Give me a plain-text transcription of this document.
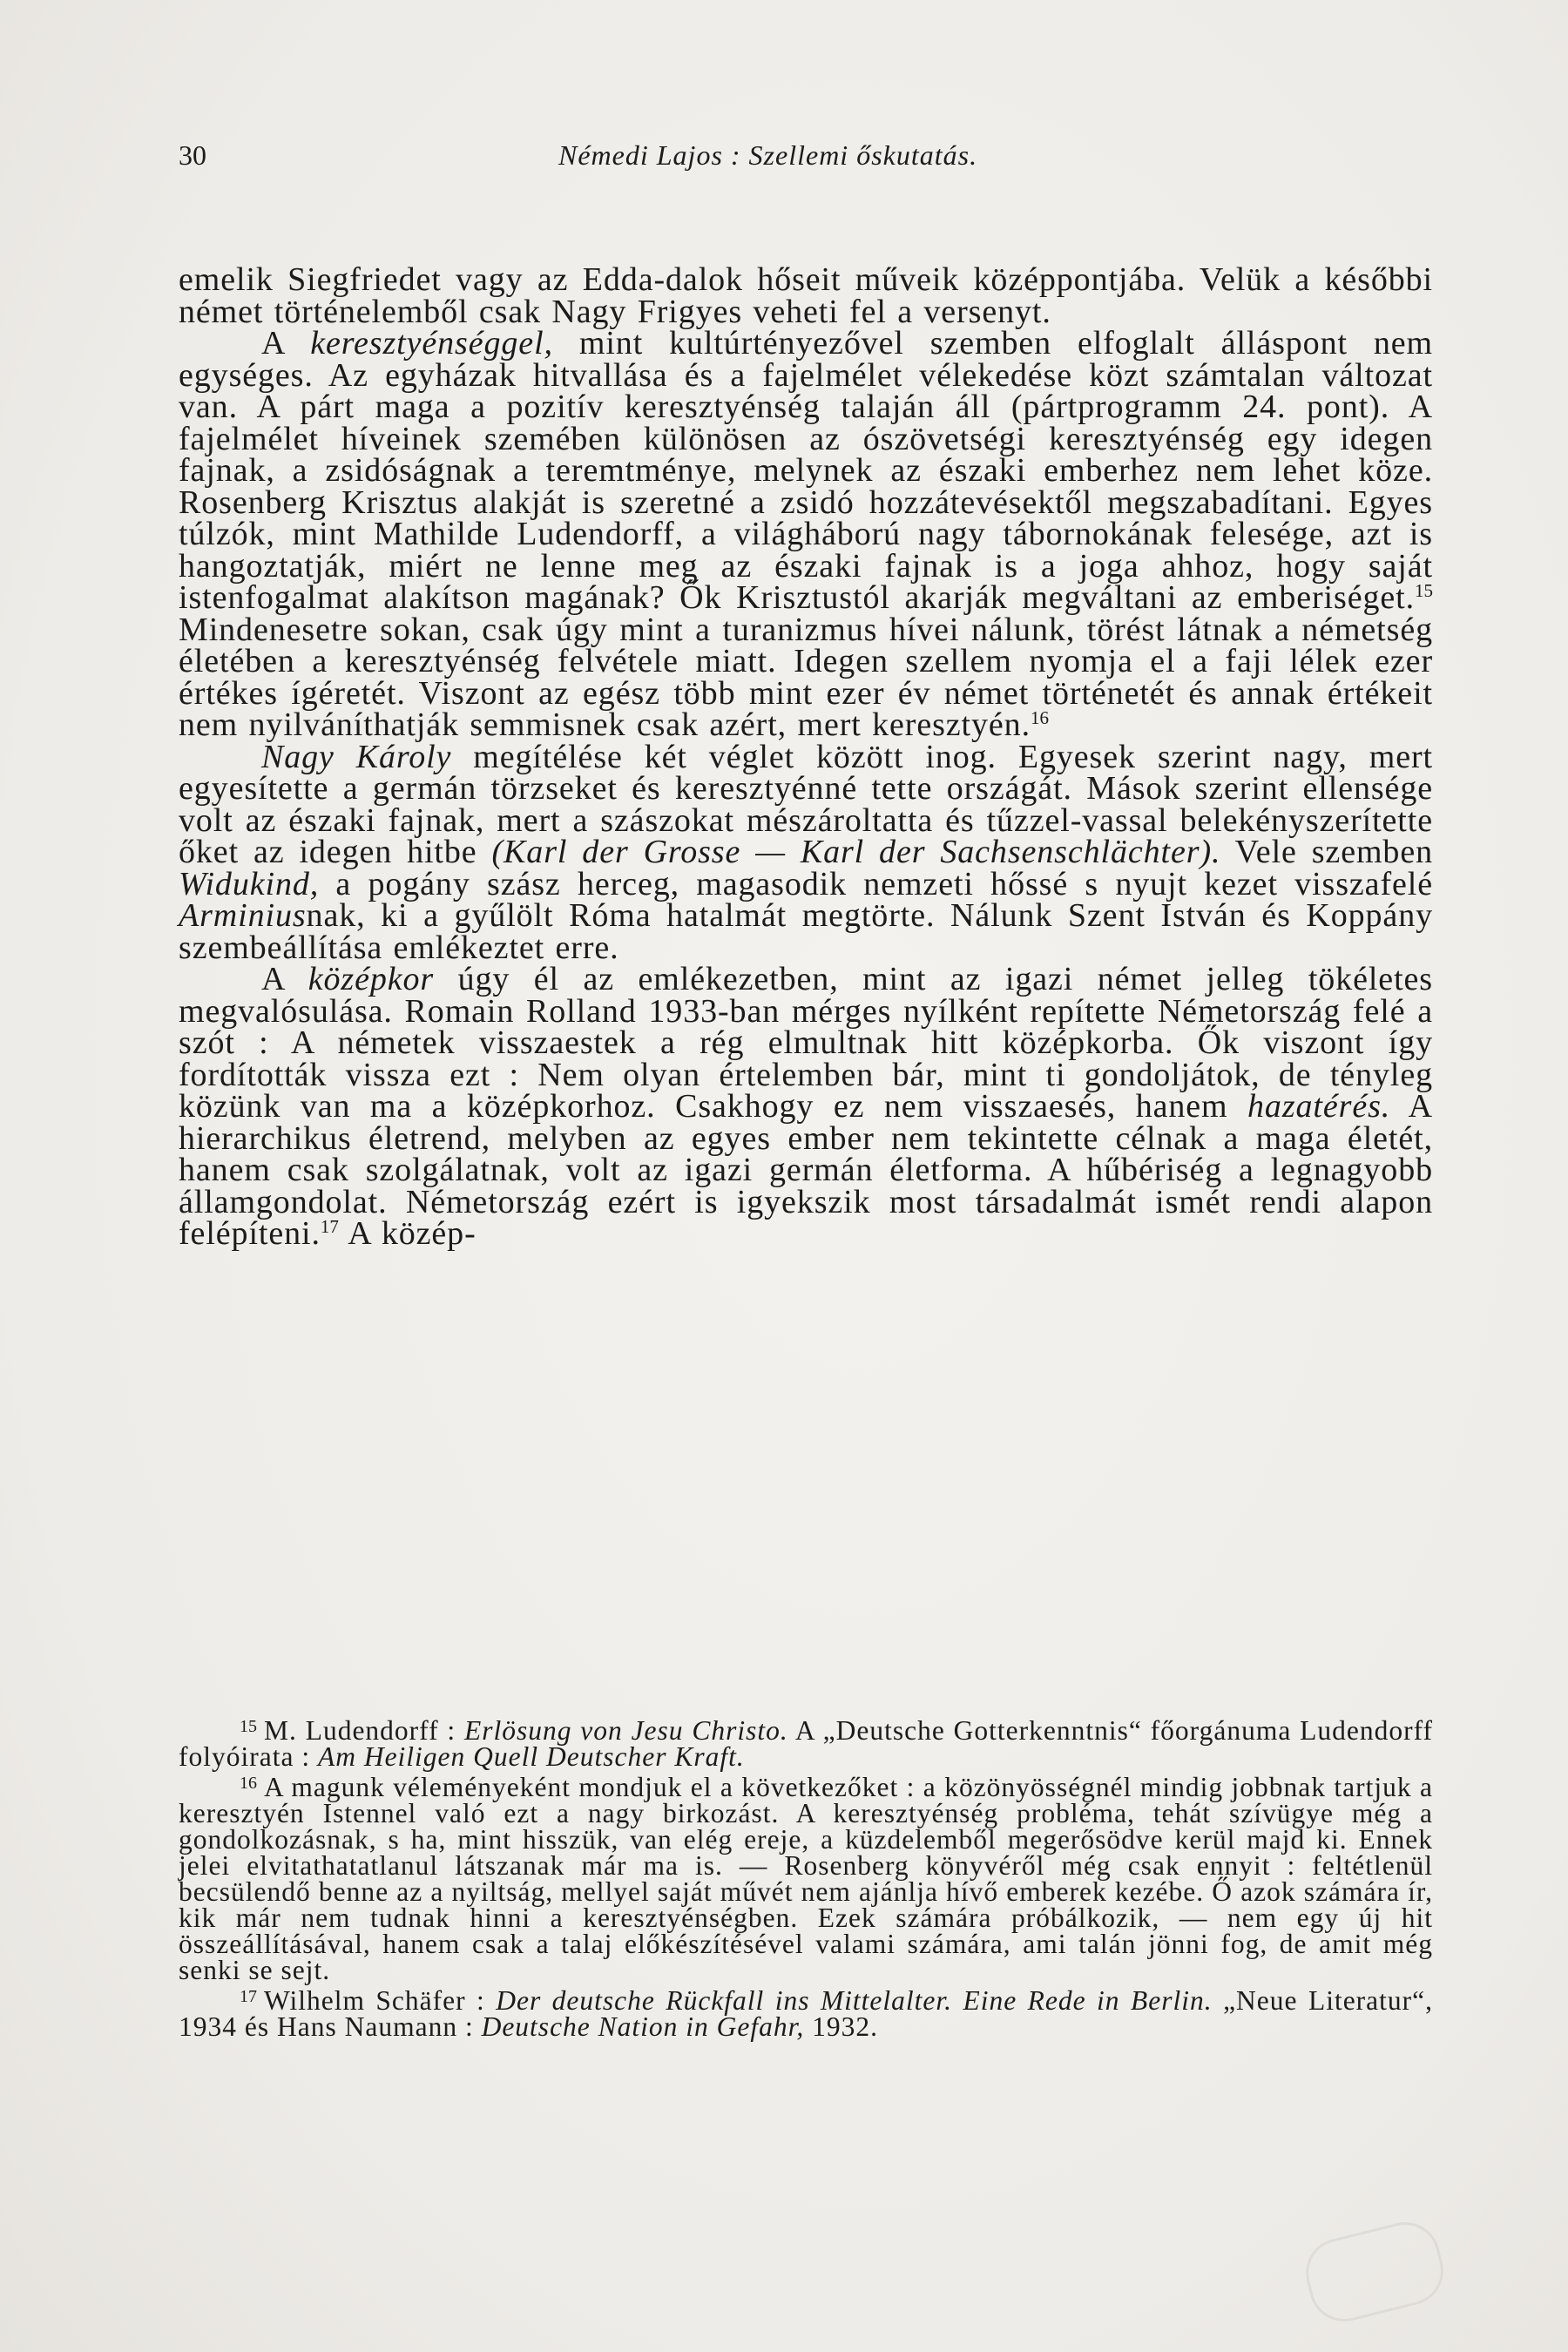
30	Némedi Lajos : Szellemi őskutatás.

emelik Siegfriedet vagy az Edda-dalok hőseit műveik középpontjába. Velük a későbbi német történelemből csak Nagy Frigyes veheti fel a versenyt.

A keresztyénséggel, mint kultúrtényezővel szemben elfoglalt álláspont nem egységes. Az egyházak hitvallása és a fajelmélet vélekedése közt számtalan változat van. A párt maga a pozitív keresztyénség talaján áll (pártprogramm 24. pont). A fajelmélet híveinek szemében különösen az ószövetségi keresztyénség egy idegen fajnak, a zsidóságnak a teremtménye, melynek az északi emberhez nem lehet köze. Rosenberg Krisztus alakját is szeretné a zsidó hozzátevésektől megszabadítani. Egyes túlzók, mint Mathilde Ludendorff, a világháború nagy tábornokának felesége, azt is hangoztatják, miért ne lenne meg az északi fajnak is a joga ahhoz, hogy saját istenfogalmat alakítson magának? Ők Krisztustól akarják megváltani az emberiséget.$^{15}$ Mindenesetre sokan, csak úgy mint a turanizmus hívei nálunk, törést látnak a németség életében a keresztyénség felvétele miatt. Idegen szellem nyomja el a faji lélek ezer értékes ígéretét. Viszont az egész több mint ezer év német történetét és annak értékeit nem nyilváníthatják semmisnek csak azért, mert keresztyén.$^{16}$

Nagy Károly megítélése két véglet között inog. Egyesek szerint nagy, mert egyesítette a germán törzseket és keresztyénné tette országát. Mások szerint ellensége volt az északi fajnak, mert a szászokat mészároltatta és tűzzel-vassal belekényszerítette őket az idegen hitbe (Karl der Grosse — Karl der Sachsenschlächter). Vele szemben Widukind, a pogány szász herceg, magasodik nemzeti hőssé s nyujt kezet visszafelé Arminiusnak, ki a gyűlölt Róma hatalmát megtörte. Nálunk Szent István és Koppány szembeállítása emlékeztet erre.

A középkor úgy él az emlékezetben, mint az igazi német jelleg tökéletes megvalósulása. Romain Rolland 1933-ban mérges nyílként repítette Németország felé a szót : A németek visszaestek a rég elmultnak hitt középkorba. Ők viszont így fordították vissza ezt : Nem olyan értelemben bár, mint ti gondoljátok, de tényleg közünk van ma a középkorhoz. Csakhogy ez nem visszaesés, hanem hazatérés. A hierarchikus életrend, melyben az egyes ember nem tekintette célnak a maga életét, hanem csak szolgálatnak, volt az igazi germán életforma. A hűbériség a legnagyobb államgondolat. Németország ezért is igyekszik most társadalmát ismét rendi alapon felépíteni.$^{17}$ A közép-

$^{15}$ M. Ludendorff : Erlösung von Jesu Christo. A „Deutsche Gotterkenntnis“ főorgánuma Ludendorff folyóirata : Am Heiligen Quell Deutscher Kraft.

$^{16}$ A magunk véleményeként mondjuk el a következőket : a közönyösségnél mindig jobbnak tartjuk a keresztyén Istennel való ezt a nagy birkozást. A keresztyénség probléma, tehát szívügye még a gondolkozásnak, s ha, mint hisszük, van elég ereje, a küzdelemből megerősödve kerül majd ki. Ennek jelei elvitathatatlanul látszanak már ma is. — Rosenberg könyvéről még csak ennyit : feltétlenül becsülendő benne az a nyiltság, mellyel saját művét nem ajánlja hívő emberek kezébe. Ő azok számára ír, kik már nem tudnak hinni a keresztyénségben. Ezek számára próbálkozik, — nem egy új hit összeállításával, hanem csak a talaj előkészítésével valami számára, ami talán jönni fog, de amit még senki se sejt.

$^{17}$ Wilhelm Schäfer : Der deutsche Rückfall ins Mittelalter. Eine Rede in Berlin. „Neue Literatur“, 1934 és Hans Naumann : Deutsche Nation in Gefahr, 1932.
